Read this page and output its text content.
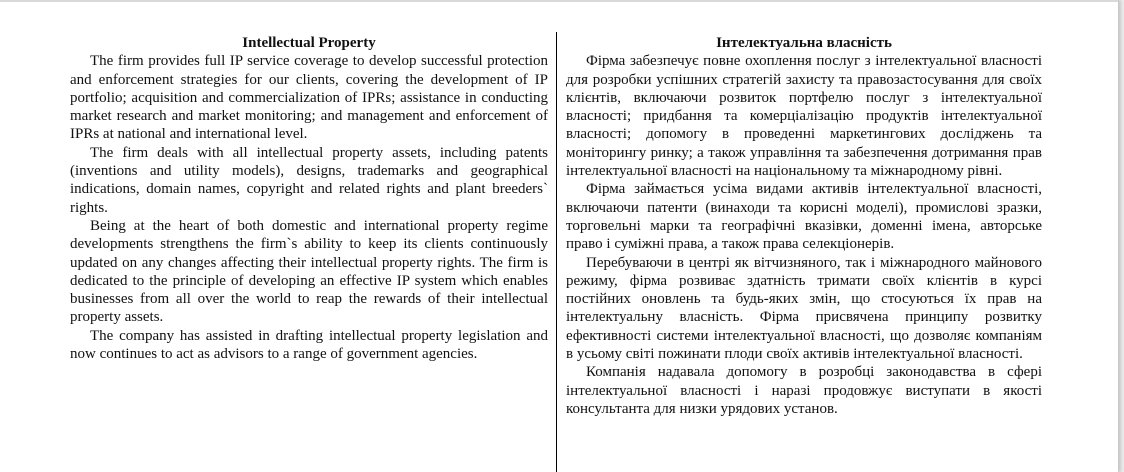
Intellectual Property

The firm provides full IP service coverage to develop successful protection and enforcement strategies for our clients, covering the development of IP portfolio; acquisition and commercialization of IPRs; assistance in conducting market research and market monitoring; and management and enforcement of IPRs at national and international level.

The firm deals with all intellectual property assets, including patents (inventions and utility models), designs, trademarks and geographical indications, domain names, copyright and related rights and plant breeders` rights.

Being at the heart of both domestic and international property regime developments strengthens the firm`s ability to keep its clients continuously updated on any changes affecting their intellectual property rights. The firm is dedicated to the principle of developing an effective IP system which enables businesses from all over the world to reap the rewards of their intellectual property assets.

The company has assisted in drafting intellectual property legislation and now continues to act as advisors to a range of government agencies.

Інтелектуальна власність

Фірма забезпечує повне охоплення послуг з інтелектуальної власності для розробки успішних стратегій захисту та правозастосування для своїх клієнтів, включаючи розвиток портфелю послуг з інтелектуальної власності; придбання та комерціалізацію продуктів інтелектуальної власності; допомогу в проведенні маркетингових досліджень та моніторингу ринку; а також управління та забезпечення дотримання прав інтелектуальної власності на національному та міжнародному рівні.

Фірма займається усіма видами активів інтелектуальної власності, включаючи патенти (винаходи та корисні моделі), промислові зразки, торговельні марки та географічні вказівки, доменні імена, авторське право і суміжні права, а також права селекціонерів.

Перебуваючи в центрі як вітчизняного, так і міжнародного майнового режиму, фірма розвиває здатність тримати своїх клієнтів в курсі постійних оновлень та будь-яких змін, що стосуються їх прав на інтелектуальну власність. Фірма присвячена принципу розвитку ефективності системи інтелектуальної власності, що дозволяє компаніям в усьому світі пожинати плоди своїх активів інтелектуальної власності.

Компанія надавала допомогу в розробці законодавства в сфері інтелектуальної власності і наразі продовжує виступати в якості консультанта для низки урядових установ.
